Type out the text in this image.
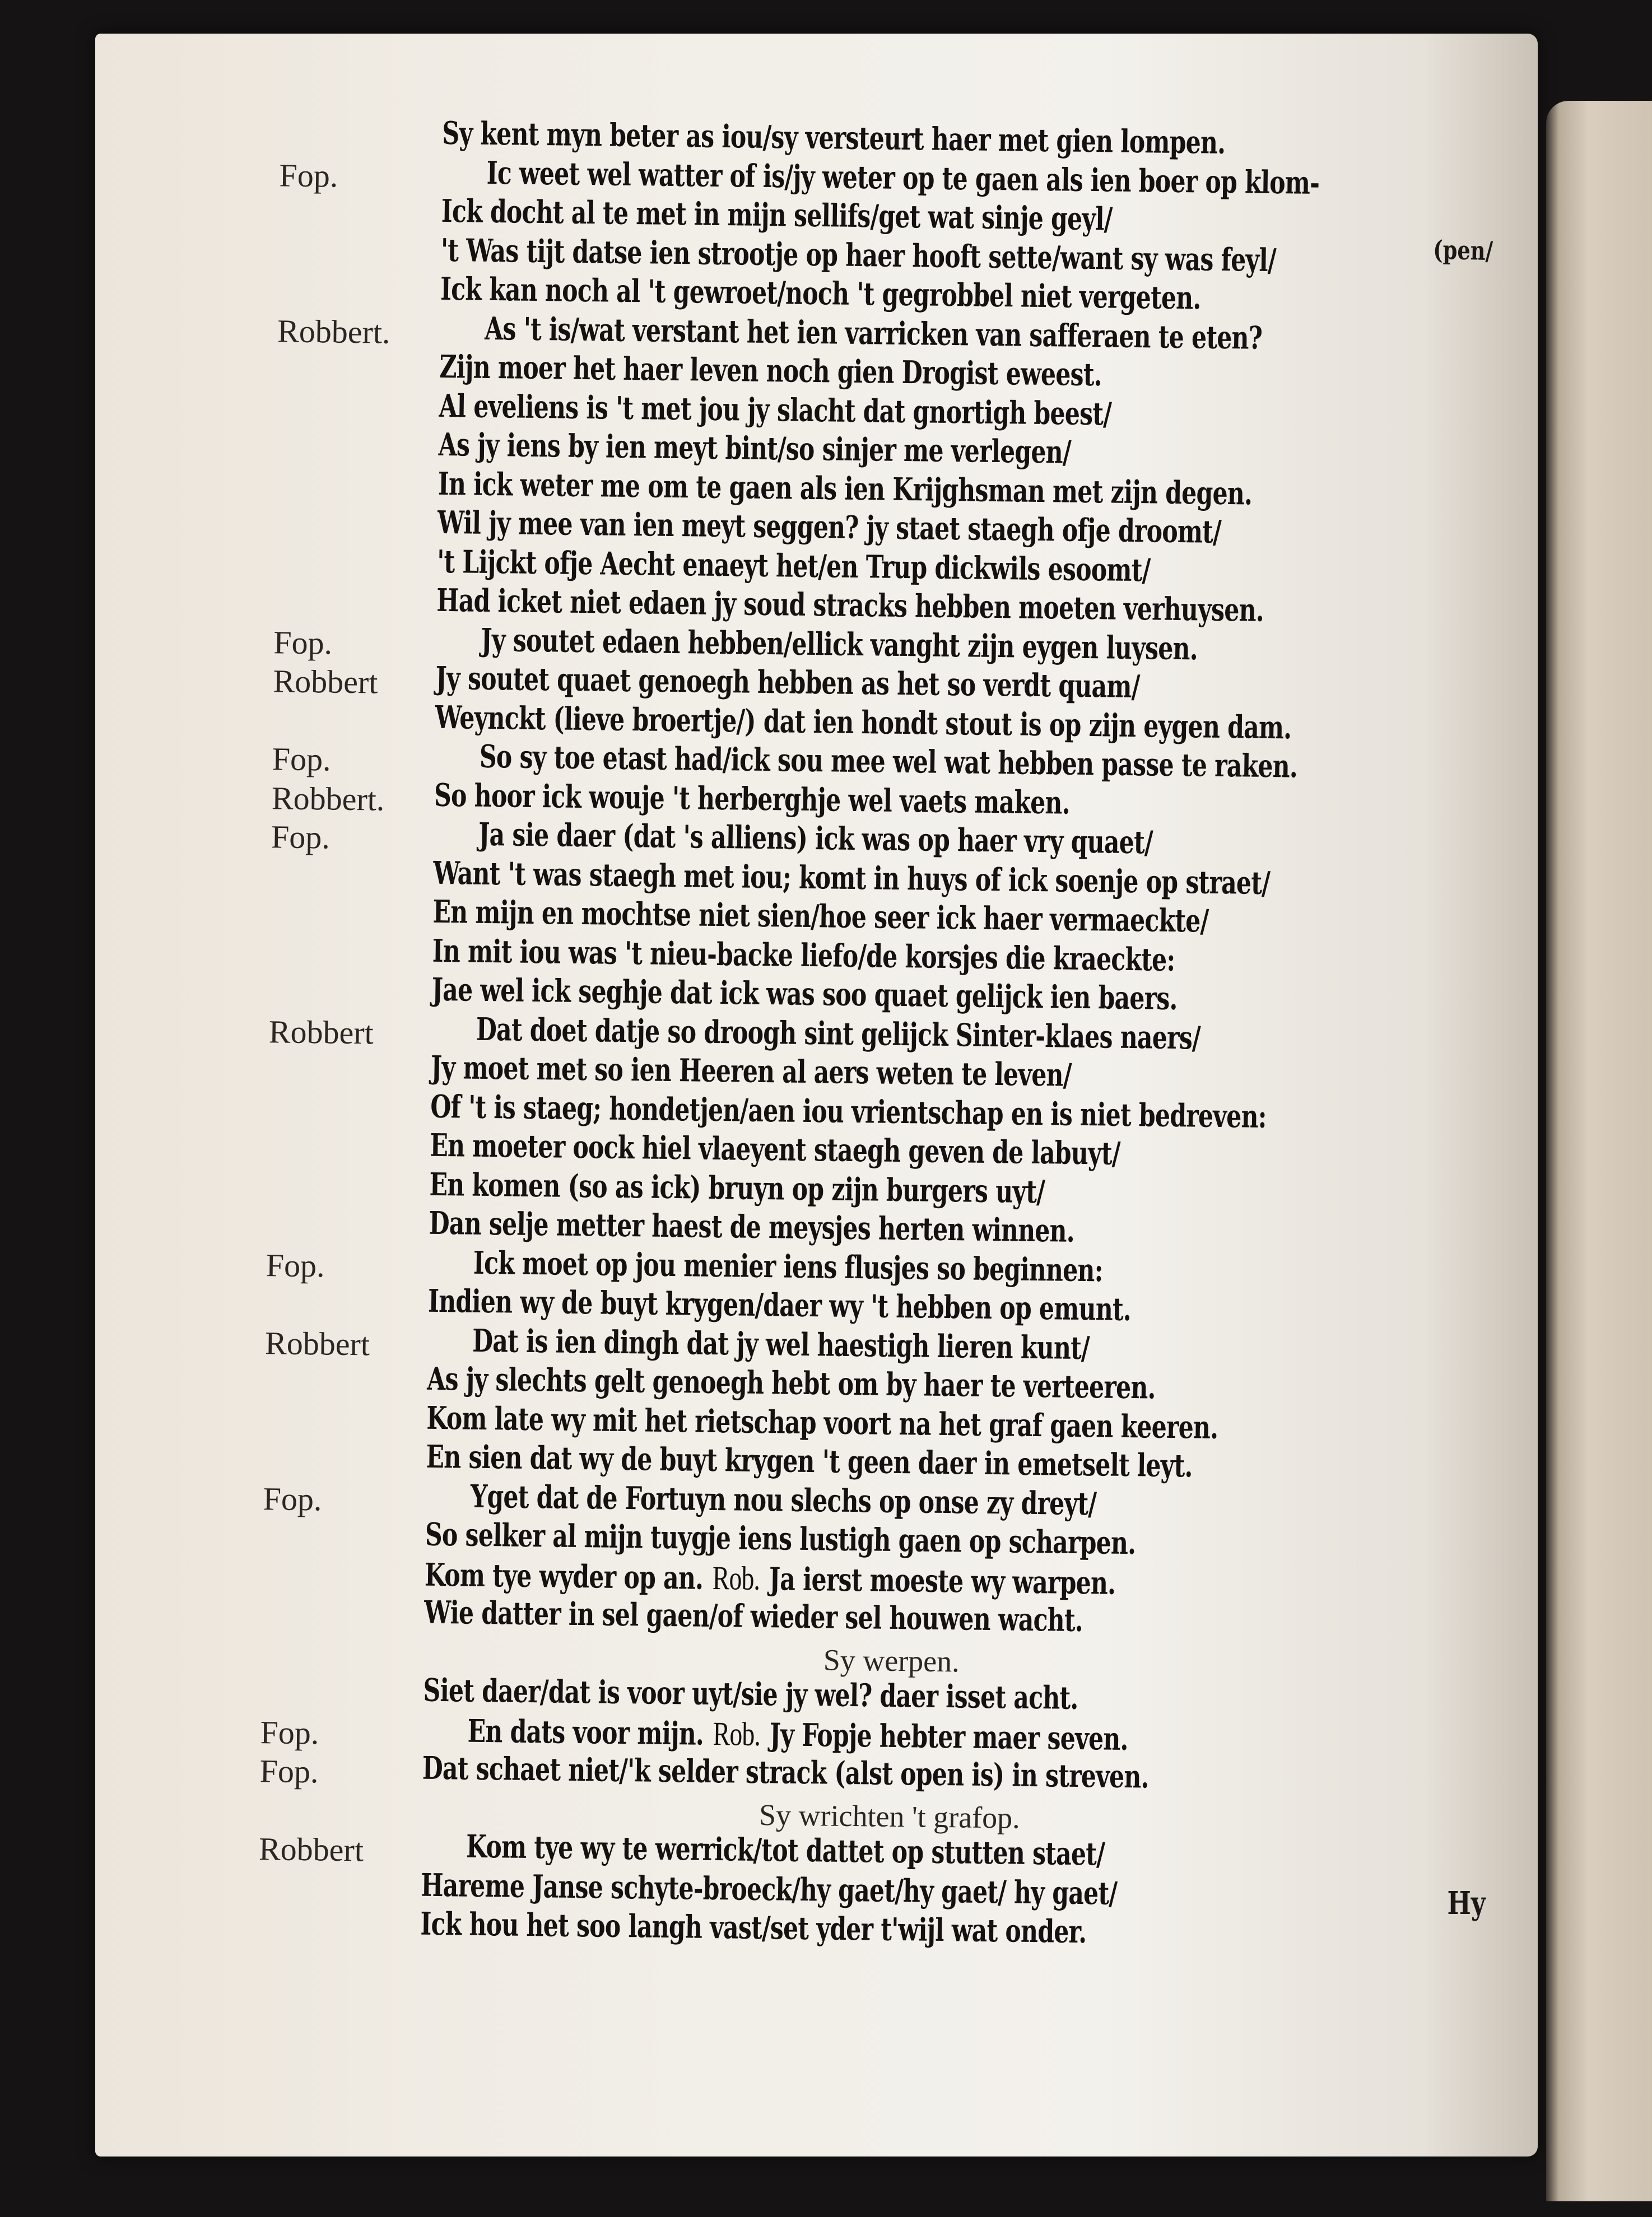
Sy kent myn beter as iou/sy versteurt haer met gien lompen.
Fop.	Ic weet wel watter of is/jy weter op te gaen als ien boer op klom-
Ick docht al te met in mijn sellifs/get wat sinje geyl/
't Was tijt datse ien strootje op haer hooft sette/want sy was feyl/
Ick kan noch al 't gewroet/noch 't gegrobbel niet vergeten.
Robbert.	As 't is/wat verstant het ien varricken van safferaen te eten?
Zijn moer het haer leven noch gien Drogist eweest.
Al eveliens is 't met jou jy slacht dat gnortigh beest/
As jy iens by ien meyt bint/so sinjer me verlegen/
In ick weter me om te gaen als ien Krijghsman met zijn degen.
Wil jy mee van ien meyt seggen? jy staet staegh ofje droomt/
't Lijckt ofje Aecht enaeyt het/en Trup dickwils esoomt/
Had icket niet edaen jy soud stracks hebben moeten verhuysen.
Fop.	Jy soutet edaen hebben/ellick vanght zijn eygen luysen.
Robbert Jy soutet quaet genoegh hebben as het so verdt quam/
Weynckt (lieve broertje/) dat ien hondt stout is op zijn eygen dam.
Fop.	So sy toe etast had/ick sou mee wel wat hebben passe te raken.
Robbert. So hoor ick wouje 't herberghje wel vaets maken.
Fop.	Ja sie daer (dat 's alliens) ick was op haer vry quaet/
Want 't was staegh met iou; komt in huys of ick soenje op straet/
En mijn en mochtse niet sien/hoe seer ick haer vermaeckte/
In mit iou was 't nieu-backe liefo/de korsjes die kraeckte:
Jae wel ick seghje dat ick was soo quaet gelijck ien baers.
Robbert	Dat doet datje so droogh sint gelijck Sinter-klaes naers/
Jy moet met so ien Heeren al aers weten te leven/
Of 't is staeg; hondetjen/aen iou vrientschap en is niet bedreven:
En moeter oock hiel vlaeyent staegh geven de labuyt/
En komen (so as ick) bruyn op zijn burgers uyt/
Dan selje metter haest de meysjes herten winnen.
Fop.	Ick moet op jou menier iens flusjes so beginnen:
Indien wy de buyt krygen/daer wy 't hebben op emunt.
Robbert	Dat is ien dingh dat jy wel haestigh lieren kunt/
As jy slechts gelt genoegh hebt om by haer te verteeren.
Kom late wy mit het rietschap voort na het graf gaen keeren.
En sien dat wy de buyt krygen 't geen daer in emetselt leyt.
Fop.	Yget dat de Fortuyn nou slechs op onse zy dreyt/
So selker al mijn tuygje iens lustigh gaen op scharpen.
Kom tye wyder op an. Rob. Ja ierst moeste wy warpen.
Wie datter in sel gaen/of wieder sel houwen wacht.
Sy werpen.
Siet daer/dat is voor uyt/sie jy wel? daer isset acht.
Fop.	En dats voor mijn. Rob. Jy Fopje hebter maer seven.
Fop.	Dat schaet niet/'k selder strack (alst open is) in streven.
Sy wrichten 't grafop.
Robbert	Kom tye wy te werrick/tot dattet op stutten staet/
Hareme Janse schyte-broeck/hy gaet/hy gaet/ hy gaet/
Ick hou het soo langh vast/set yder t'wijl wat onder.
(pen/
Hy
